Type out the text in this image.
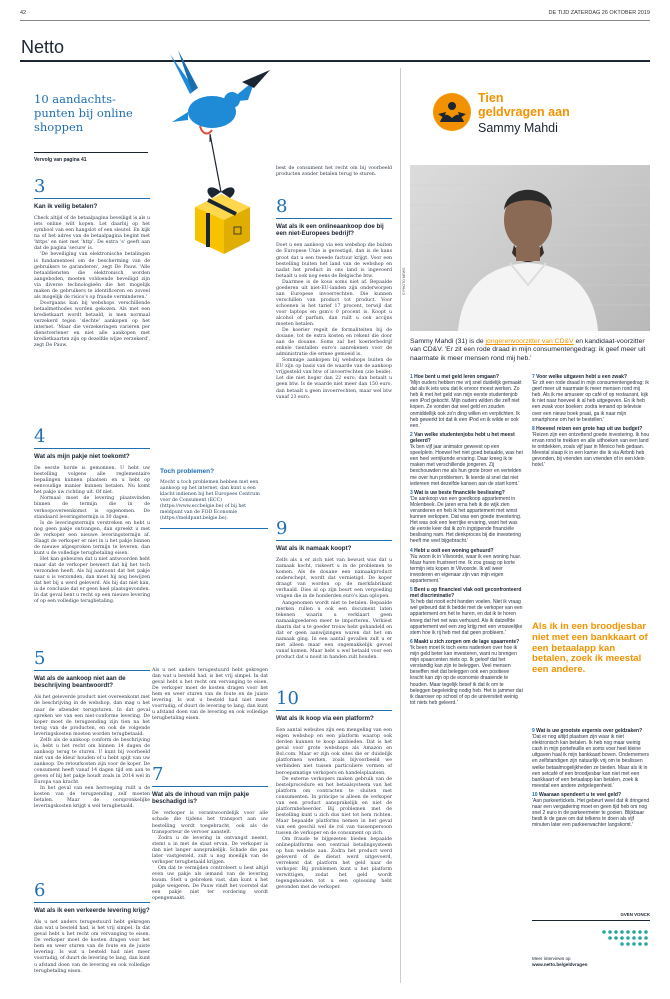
42	DE TIJD ZATERDAG 26 OKTOBER 2019
Netto
10 aandachts-punten bij online shoppen
Vervolg van pagina 41
3
Kan ik veilig betalen?

Check altijd of de betaalpagina beveiligd is als u iets online wilt kopen. Let daarbij op het symbool van een hangslot of een sleutel. En kijk na of het adres van de betaalpagina begint met 'https' en niet met 'http'. De extra 's' geeft aan dat de pagina 'secure' is.

'De beveiliging van elektronische betalingen is fundamenteel om de bescherming van de gebruikers te garanderen', zegt De Pauw. 'Alle betaaldiensten die elektronisch worden aangeboden, moeten voldoende beveiligd zijn via diverse technologieën die het mogelijk maken de gebruikers te identificeren en zoveel als mogelijk de risico's op fraude verminderen.'

Doorgaans kan bij webshops verschillende betaalmethodes worden gekozen. Als met een kredietkaart wordt betaald, is men normaal verzekerd tegen 'slechte' aankopen op het internet. 'Maar die verzekeringen varieren per dienstverlener en niet alle aankopen met kredietkaarten zijn op dezelfde wijze verzekerd', zegt De Pauw.

4
Wat als mijn pakje niet toekomt?

De eerste horde is gemonnen. U hebt uw bestelling volgens alle reglementaire bepalingen kunnen plaatsen en u hebt op eenvoudige manier kunnen betalen. Nu komt het pakje uw richting uit. Of niet.

Normaal moet de levering plaatsvinden binnen de termijn die in de verkoopovereenkomst is opgenomen. De standaard leveringstermijn is 30 dagen.

Is de leveringstermijn verstreken en hebt u nog geen pakje ontvangen, dan spreekt u met de verkoper een nieuwe leveringstermijn af. Slaagt de verkoper er niet in u het pakje binnen de nieuwe afgesproken termijn te leveren, dan kunt u de volledige terugbetaling eisen.

Het kan gebeuren dat u niet antwoorden hebt maar dat de verkoper beweert dat hij het toch verzonden heeft. Als hij aantoont dat het pakje naar u is verzonden, dan moet hij nog bewijzen dat het bij u werd geleverd. Als hij dat niet kan, is de conclusie dat er geen heel plaatsgevonden. In dat geval bent u recht op een nieuwe levering of op een volledige terugbetaling.

5
Wat als de aankoop niet aan de beschrijving beantwoordt?

Als het geleverde product niet overeenkomt met de beschrijving in de webshop, dan mag u het naar de afzender terugsturen. In dat geval spreken we van een niet-conforme levering. De koper moet de terugzending zijn tien na het terug van de producten, en ook de volgende leveringskosten moeten worden terugbetaald.

Zelfs als de aankoop conform de beschrijving is, hebt u het recht om binnen 14 dagen de aankoop terug te sturen. U kunt bij voorbeeld niet van de kleur houden of u hebt spijt van uw aankoop. De retourkosten zijn voor de koper. De consument heeft vanaf 14 dagen tijd om aan te geven of hij het pakje houdt zoals in 2014 wel in Europa van kracht.

In het geval van een herroeping ruilt u de kosten van de terugzending zelf moeten betalen. Maar de oorspronkelijke leveringskosten krijgt u wel terugbetaald.

6
Wat als ik een verkeerde levering krijg?

Als u net anders terugestuurd hebt gekregen dan wat u besteld had, is het vrij simpel. In dat geval hebt u het recht om vervanging te eisen. De verkoper moet de kosten dragen voor het hem en weer sturen van de foute en de juiste levering. Is wat u besteld had niet meer voorradig, of duurt de levering te lang, dan kunt u afstand doen van de levering en ook volledige terugbetaling eisen.

Toch problemen?
Mocht u toch problemen hebben met een aankoop op het internet, dan kunt u een klacht indienen bij het Europees Centrum voor de Consument (ECC) (https://www.eccbelgie.be) of bij het meldpunt van de FOD Economie (https://meldpunt.belgie.be).

Als u net anders terugestuurd hebt gekregen dan wat u besteld had, is het vrij simpel. In dat geval hebt u het recht om vervanging te eisen. De verkoper moet de kosten dragen voor het hem en weer sturen van de foute en de juiste levering. Is wat u besteld had niet meer voorradig, of duurt de levering te lang, dan kunt u afstand doen van de levering en ook volledige terugbetaling eisen.

7
Wat als de inhoud van mijn pakje beschadigd is?

De verkoper is verantwoordelijk voor alle schade die tijdens het transport aan uw bestelling wordt toegebracht, ook als de transporteur de vervoer aanstelt.

Zodra u de levering in ontvangst neemt, stemt u in met de staat ervan. De verkoper is dan niet langer aansprakelijk. Schade die pas later vastgesteld, zult u nog moeilijk van de verkoper terugbetaald krijgen.

Om dat te vermijden controleert u best altijd even uw pakje als iemand van de levering kwam. Stelt u gebreken vast, dan kunt u het pakje weigeren. De Pauw vindt het voorstel dat een pakje niet ter vordering wordt opengemaakt.

best de consument het recht om bij voorbeeld producten zonder betalen terug te sturen.
8
Wat als ik een onlineaankoop doe bij een niet-Europees bedrijf?

Doet u een aankoop via een webshop die buiten de Europese Unie is gevestigd, dan is de kans groot dat u een tweede factuur krijgt. Voor een bestelling buiten het land van de webshop en nadat het product in ons land is ingevoerd betaalt u ook nog eens de Belgische btw.

Daarmee is de kous soms niet af. Bepaalde goederen uit niet-EU-landen zijn onderworpen aan Europese invoerrechten. Die kunnen verschillen van product tot product. Voor schoenen is het tarief 17 procent, terwijl dat voor laptops en gsm's 0 procent is. Koopt u alcohol of parfum, dan ruilt u ook accijns moeten betalen.

De koerier regelt de formaliteiten bij de douane, tot de extra kosten en rekent die door aan de douane. Soms zal het koerierbedrijf enkele tientallen euro's aanrekenen voor de administratie die ermee gemoeid is.

Sommige aankopen bij webshops buiten de EU zijn op basis van de waarde van de aankoop vrijgesteld van btw of invoerrechten (zie beide). Let die niet hoger dan 22 euro, dan betaalt u geen btw. Is de waarde niet meer dan 150 euro, dan betaalt u geen invoerrechten, maar wel btw vanaf 23 euro.

9
Wat als ik namaak koopt?

Zelfs als u er zich niet van bewust was dat u namaak kocht, riskeert u in de problemen te komen. Als de douane een namaakproduct onderschept, wordt dat vernietigd. De koper draagt van worden op de merkfabrikant verhaald. Dies al op zijn beurt een vergoeding vragen die in de honderden euro's kan oplopen.

Aangenomen wordt niet te betalen. Bepaalde merken rullen u ook een document laten tekenen waarin u verklaart geen namaakgoederen meer te importeren. Verkiest daarin dat u te goeder trouw hebt gehandeld en dat er geen aanwijzingen waren dat het om namaak ging. In een aantal gevallen zult u er met alleen maar een ongemakkelijk gevoel vanaf komen. Maar hebt u wel betaald voor een product dat u nooit in handen zult houden.

10
Wat als ik koop via een platform?

Een aantal websites zijn een mengeling van een eigen webshop en een platform waarop ook derden kunnen te koop aanbieden. Dat is het geval voor grote webshops als Amazon en Bol.com. Maar er zijn ook sites die er duidelijk platformen werken, zoals bijvoorbeeld we verbinden niet tussen particuliere vormen of beroepsmatige verkopers en handelsplaatsen.

De externe verkopers maken gebruik van de bestelprocedure en het betaalsysteem van het platform om contracten te sluiten met consumenten. In principe is alleen de verkoper van een product aansprakelijk en niet de platformbeheerder. Bij problemen met de bestelling kunt u zich dus niet tot hem richten. Maar bepaalde platforms nemen in het geval van een geschil wel de rol van tussenpersoon tussen de verkoper en de consument op zich.

Om fraude te bijgezeten bieden bepaalde onlineplatforms een centraal betalingsysteem op hun website aan. Zodra het product werd geleverd of de dienst werd uitgevoerd, verrekent dat platform het geld naar de verkoper. Bij problemen kunt u het platform verwittigen, zodat het geld wordt tegengehouden tot u een oplossing hebt gevonden met de verkoper.

Tien
geldvragen aan
Sammy Mahdi
© PHOTO NEWS
Sammy Mahdi (31) is de jongerenvoorzitter van CD&V en kandidaat-voorzitter van CD&V. 'Er zit een rode draad in mijn consumentengedrag: ik geef meer uit naarmate ik meer mensen rond mij heb.'

1 Hoe bent u met geld leren omgaan?
'Mijn ouders hebben me vrij snel duidelijk gemaakt dat als ik iets wou dat ik ervoor moest werken. Zo heb ik met het geld van mijn eerste studentenjob een iPod gekocht. Mijn ouders wilden die zelf niet kopen. Ze vonden dat veel geld en zouden onmiddellijk ook zo'n ding willen en verplichten. Ik heb gewerkt tot dat ik een iPod en ik wilde er ook een.'

2 Van welke studentenjobs hebt u het meest geleerd?
'Ik ben vijf jaar animator geweest op een speelplein. Hoewel het niet goed betaalde, was het een heel verrijkende ervaring. Daar kreeg ik te maken met verschillende jongeren. Zij beschouwden me als hun grote broer en vertelden me over hun problemen. Ik leerde al snel dat niet iedereen met dezelfde kansen aan de start komt.'

3 Wat is uw beste financiële beslissing?
'De aankoop van een goedkoop appartement in Molenbeek. De jaren erna heb ik de wijk zien veranderen en heb ik het appartement met winst kunnen verkopen. Dat was een goede investering. Het was ook een leerrijke ervaring, want het was de eerste keer dat ik zo'n ingrijpende financiële beslissing nam. Het denkproces bij die investering heeft me veel bijgebracht.'

4 Hebt u ooit een woning gehuurd?
'Nu woon ik in Vilvoorde, waar ik een woning huur. Maar huren frustreert me. Ik zou graag op korte termijn iets kopen in Vilvoorde. Ik wil weer investeren en eigenaar zijn van mijn eigen appartement.'

5 Bent u op financieel vlak ooit geconfronteerd met discriminatie?
'Ik heb dat nooit echt handen voelen. Niet ik vraag wel gebeurd dat ik bedde met de verkoper van een appartement om het te huren, en dat ik te horen kreeg dat het net was verhuurd. Als ik datzelfde appartement wel een zeg krijg met een vrouwelijke stem hoe ik rij heb met dat geen probleem.'

6 Maakt u zich zorgen om de lage spaarrente?
'Ik been moet ik toch eens nadenken over hoe ik mijn geld beter kan investeren, want nu brengen mijn spaarcenten niets op. Ik geloof dat het verstandig kan zijn te beleggen. Veel mensen beseffen niet dat beleggen ook een positieve kracht kan zijn op de economie draaiende te houden. Maar tegelijk besef ik dat ik om te beleggen begeleiding nodig heb. Het is jammer dat ik daarover op school of op de universiteit weinig tot niets heb geleerd.'

7 Voor welke uitgaven hebt u een zwak?
'Er zit een rode draad in mijn consumentengedrag: ik geef meer uit naarmate ik meer mensen rond mij heb. Als ik me amuseer op café of op restaurant, kijk ik niet naar hoeveel ik al heb uitgegeven. En ik heb een zwak voor boeken: zodra iemand op televisie over een nieuw boek praat, ga ik naar mijn smartphone om het te bestellen.'

8 Hoeveel reizen een grote hap uit uw budget?
'Reizen zijn een ontzettend goede investering. Ik hou ervan rond te trekken en alle uithoeken van een land te ontdekken, zoals vijf jaar in Mexico heb gedaan. Meestal slaap ik in een kamer die ik via Airbnb heb gevonden, bij vrienden van vrienden of in een klein hotel.'

Als ik in een broodjesbar niet met een bankkaart of een betaalapp kan betalen, zoek ik meestal een andere.

9 Wat is uw grootste ergernis over geldzaken?
'Dat er nog altijd plaatsen zijn waar ik niet elektronisch kan betalen. Ik heb nog maar weinig cash in mijn portefeuille en soms voer heel kleine uitgaven haal ik mijn bankkaart boven. Ondernemers en zelfstandigen zijn natuurlijk vrij om te beslissen welke betaalmogelijkheden ze bieden. Maar als ik in een setcafé of een broodjesbar kan niet met een bankkaart of een betaalapp kan betalen, zoek ik meestal een andere zetgelegenheid.'

10 Waaraan spendeert u te veel geld?
'Aan parkeertickets. Het gebeurt weel dat ik dringend naar een vergadering moet en geen tijd heb om nog snel 2 euro in de parkeermeter te gooien. Blijkbaar beslt ik de gave om dat telkens te doen als vijf minuten later een parkeerwachter langskomt.'

GVEN VONCK
Meer interviews op
www.netto.be/geldvragen
